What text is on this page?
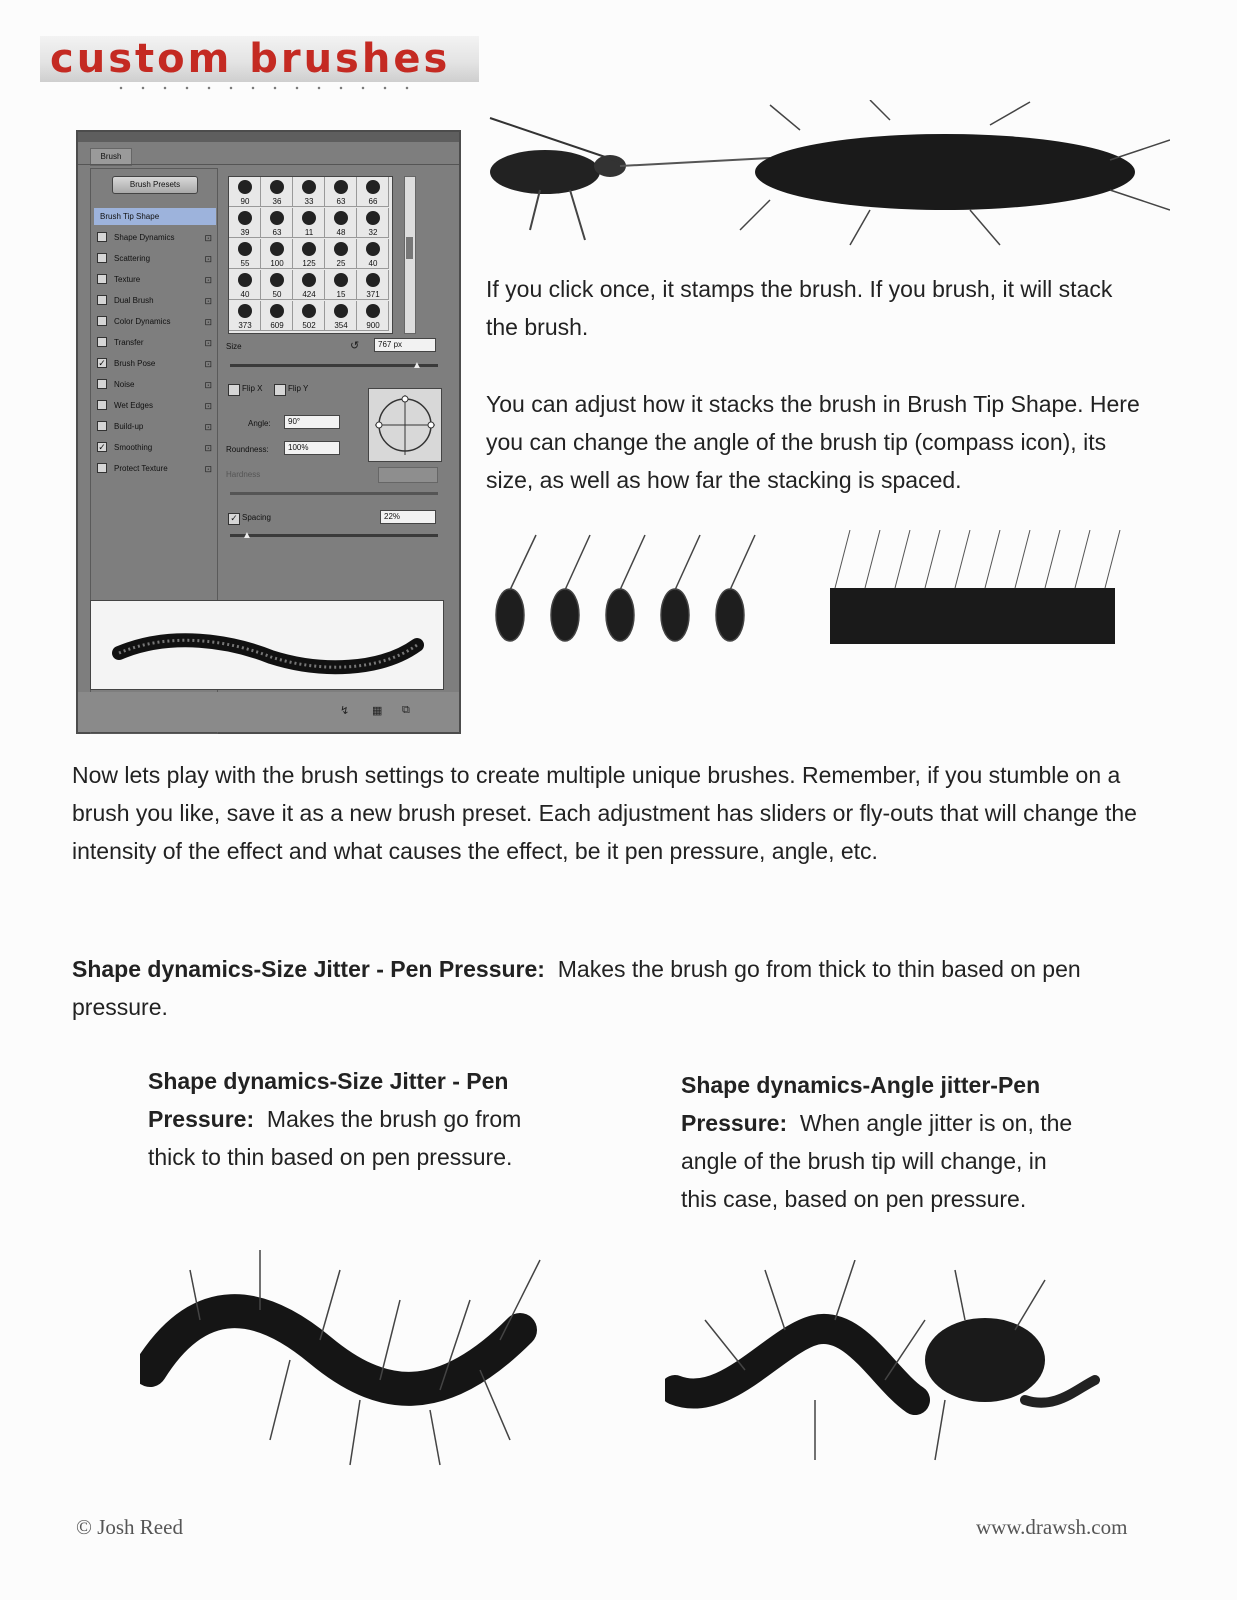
custom brushes
Brush
Brush Presets
Brush Tip Shape
Shape Dynamics	⊡
Scattering	⊡
Texture	⊡
Dual Brush	⊡
Color Dynamics	⊡
Transfer	⊡
✓ Brush Pose	⊡
Noise	⊡
Wet Edges	⊡
Build-up	⊡
✓ Smoothing	⊡
Protect Texture	⊡
90	36	33	63	66
39	63	11	48	32
55	100	125	25	40
40	50	424	15	371
373	609	502	354	900
Size	↺	767 px
▲
Flip X	Flip Y
Angle:	90°
Roundness:	100%
Hardness
✓ Spacing	22%
▲
↯ ▦ ⧉
If you click once, it stamps the brush. If you brush, it will stack the brush.
You can adjust how it stacks the brush in Brush Tip Shape. Here you can change the angle of the brush tip (compass icon), its size, as well as how far the stacking is spaced.
Now lets play with the brush settings to create multiple unique brushes. Remember, if you stumble on a brush you like, save it as a new brush preset. Each adjustment has sliders or fly-outs that will change the intensity of the effect and what causes the effect, be it pen pressure, angle, etc.
Shape dynamics-Size Jitter - Pen Pressure: Makes the brush go from thick to thin based on pen pressure.
Shape dynamics-Size Jitter - Pen Pressure: Makes the brush go from thick to thin based on pen pressure.
Shape dynamics-Angle jitter-Pen Pressure: When angle jitter is on, the angle of the brush tip will change, in this case, based on pen pressure.
© Josh Reed	www.drawsh.com
